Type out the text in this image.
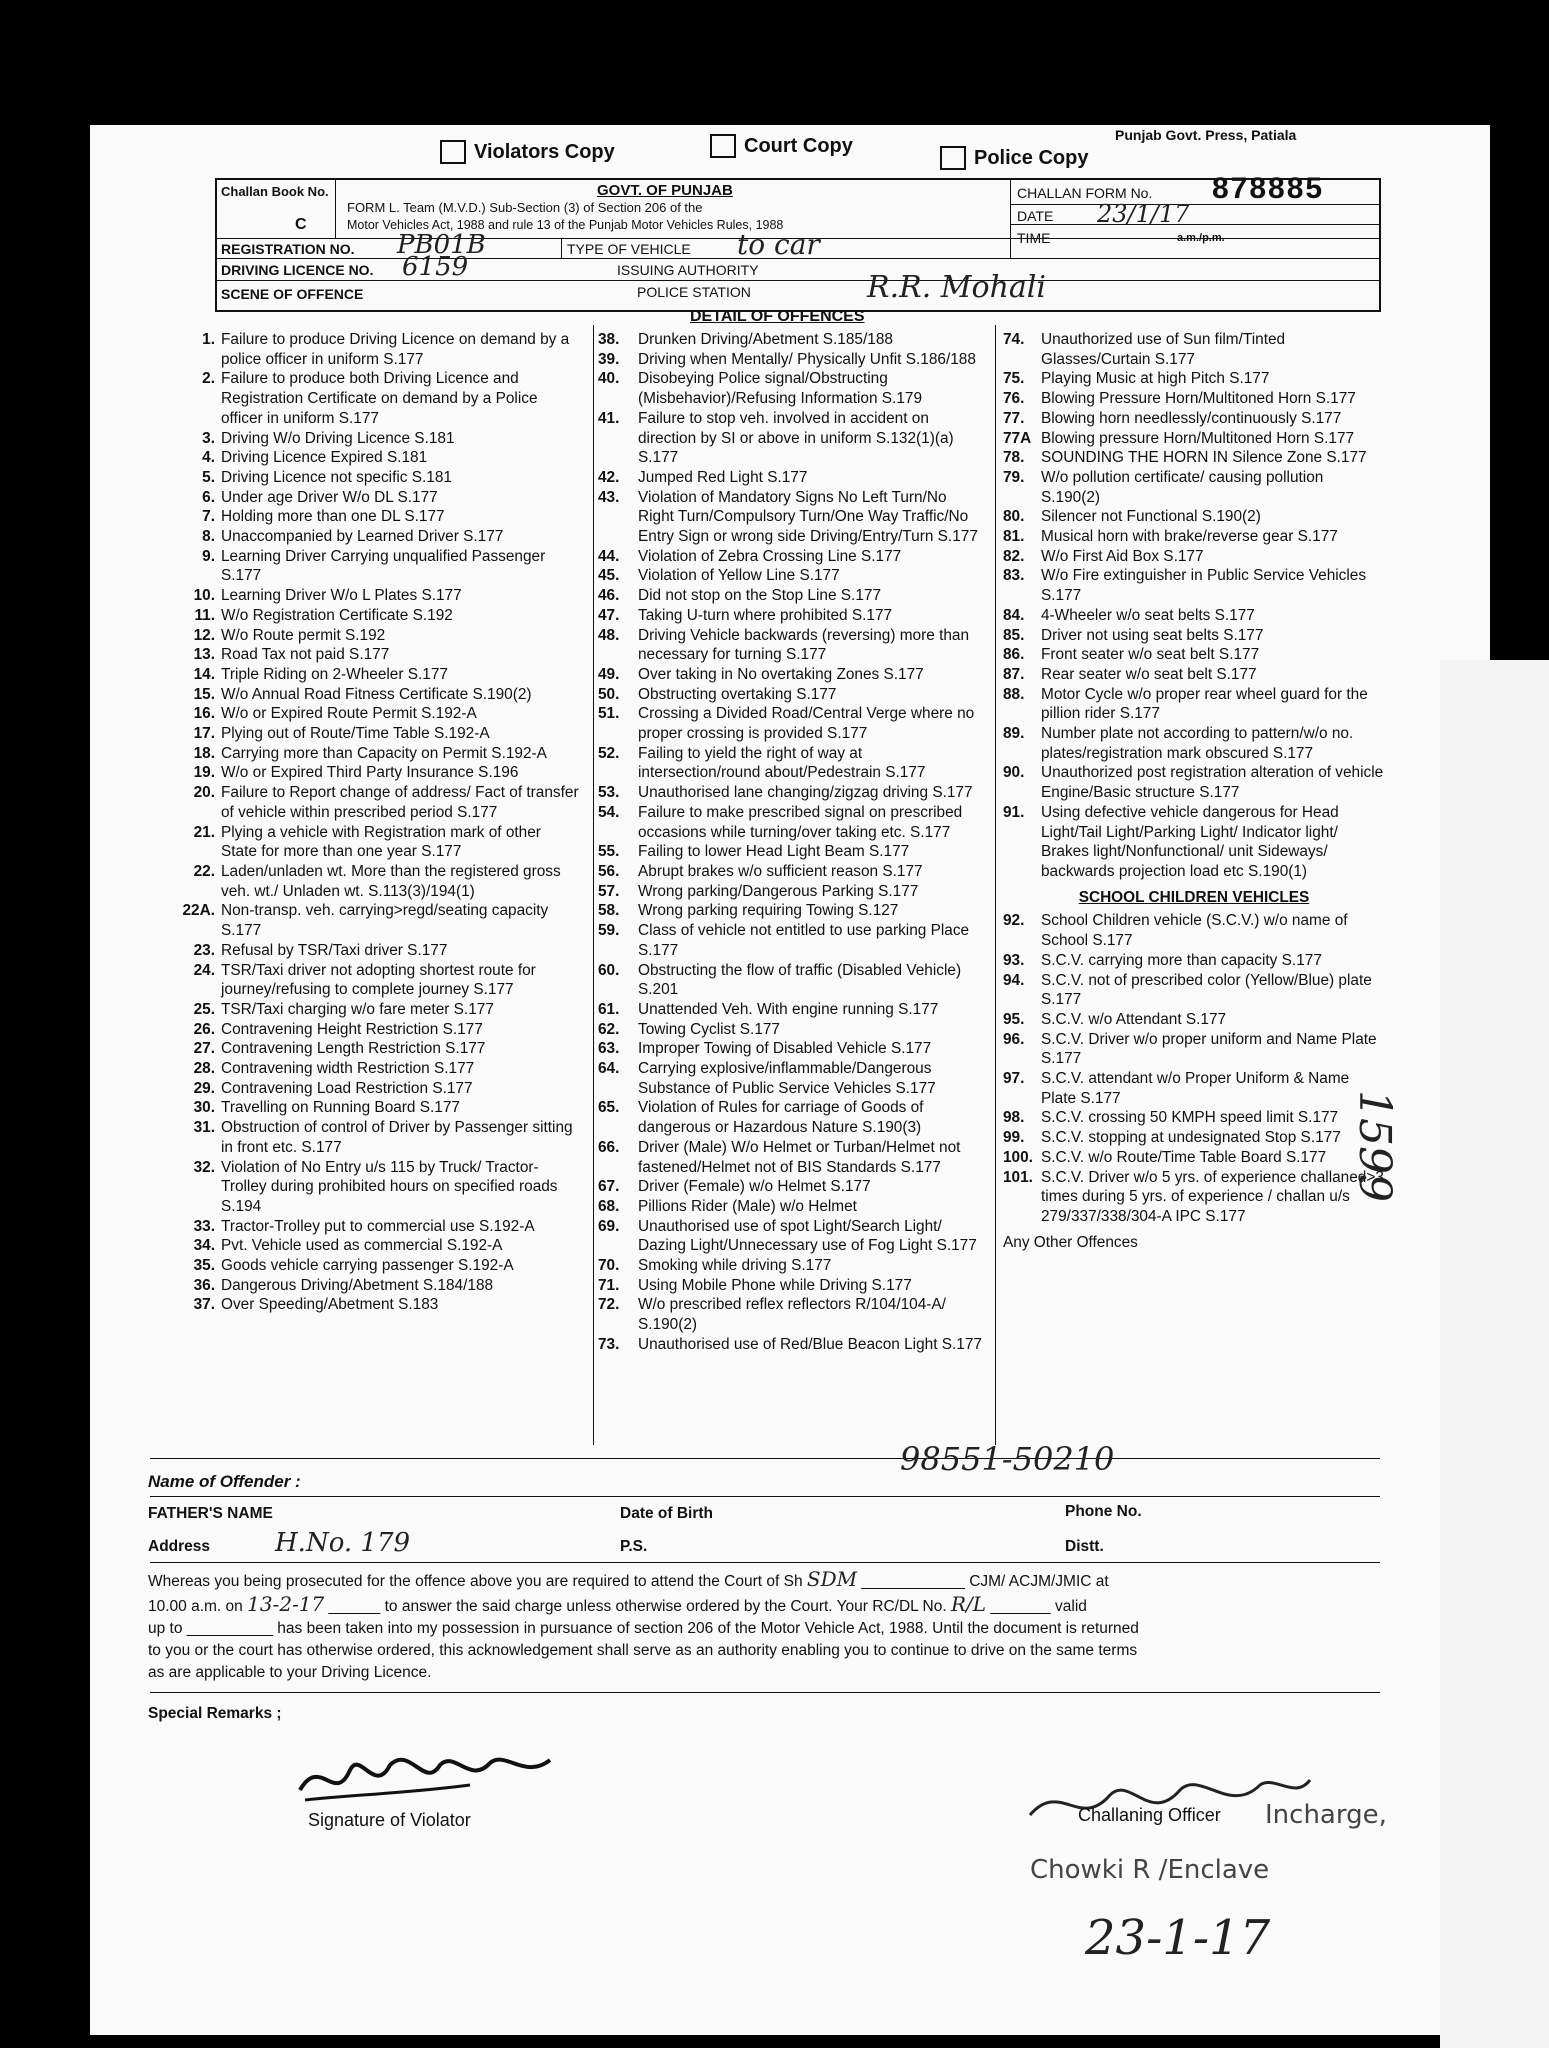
Punjab Govt. Press, Patiala
Violators Copy	Court Copy
Police Copy
Challan Book No.
C
GOVT. OF PUNJAB
FORM L. Team (M.V.D.) Sub-Section (3) of Section 206 of the
Motor Vehicles Act, 1988 and rule 13 of the Punjab Motor Vehicles Rules, 1988
CHALLAN FORM No. 878885
DATE 23/1/17
TIME	a.m./p.m.
REGISTRATION NO. PB01B	TYPE OF VEHICLE to car
DRIVING LICENCE NO. 6159	ISSUING AUTHORITY
SCENE OF OFFENCE	POLICE STATION	R.R. Mohali
DETAIL OF OFFENCES
1. Failure to produce Driving Licence on demand by a police officer in uniform S.177
2. Failure to produce both Driving Licence and Registration Certificate on demand by a Police officer in uniform S.177
3. Driving W/o Driving Licence S.181
4. Driving Licence Expired S.181
5. Driving Licence not specific S.181
6. Under age Driver W/o DL S.177
7. Holding more than one DL S.177
8. Unaccompanied by Learned Driver S.177
9. Learning Driver Carrying unqualified Passenger S.177
10. Learning Driver W/o L Plates S.177
11. W/o Registration Certificate S.192
12. W/o Route permit S.192
13. Road Tax not paid S.177
14. Triple Riding on 2-Wheeler S.177
15. W/o Annual Road Fitness Certificate S.190(2)
16. W/o or Expired Route Permit S.192-A
17. Plying out of Route/Time Table S.192-A
18. Carrying more than Capacity on Permit S.192-A
19. W/o or Expired Third Party Insurance S.196
20. Failure to Report change of address/ Fact of transfer of vehicle within prescribed period S.177
21. Plying a vehicle with Registration mark of other State for more than one year S.177
22. Laden/unladen wt. More than the registered gross veh. wt./ Unladen wt. S.113(3)/194(1)
22A. Non-transp. veh. carrying>regd/seating capacity S.177
23. Refusal by TSR/Taxi driver S.177
24. TSR/Taxi driver not adopting shortest route for journey/refusing to complete journey S.177
25. TSR/Taxi charging w/o fare meter S.177
26. Contravening Height Restriction S.177
27. Contravening Length Restriction S.177
28. Contravening width Restriction S.177
29. Contravening Load Restriction S.177
30. Travelling on Running Board S.177
31. Obstruction of control of Driver by Passenger sitting in front etc. S.177
32. Violation of No Entry u/s 115 by Truck/ Tractor-Trolley during prohibited hours on specified roads S.194
33. Tractor-Trolley put to commercial use S.192-A
34. Pvt. Vehicle used as commercial S.192-A
35. Goods vehicle carrying passenger S.192-A
36. Dangerous Driving/Abetment S.184/188
37. Over Speeding/Abetment S.183
38.	Drunken Driving/Abetment S.185/188
39.	Driving when Mentally/ Physically Unfit S.186/188
40.	Disobeying Police signal/Obstructing (Misbehavior)/Refusing Information S.179
41.	Failure to stop veh. involved in accident on direction by SI or above in uniform S.132(1)(a) S.177
42.	Jumped Red Light S.177
43.	Violation of Mandatory Signs No Left Turn/No Right Turn/Compulsory Turn/One Way Traffic/No Entry Sign or wrong side Driving/Entry/Turn S.177
44.	Violation of Zebra Crossing Line S.177
45.	Violation of Yellow Line S.177
46.	Did not stop on the Stop Line S.177
47.	Taking U-turn where prohibited S.177
48.	Driving Vehicle backwards (reversing) more than necessary for turning S.177
49.	Over taking in No overtaking Zones S.177
50.	Obstructing overtaking S.177
51.	Crossing a Divided Road/Central Verge where no proper crossing is provided S.177
52.	Failing to yield the right of way at intersection/round about/Pedestrain S.177
53.	Unauthorised lane changing/zigzag driving S.177
54.	Failure to make prescribed signal on prescribed occasions while turning/over taking etc. S.177
55.	Failing to lower Head Light Beam S.177
56.	Abrupt brakes w/o sufficient reason S.177
57.	Wrong parking/Dangerous Parking S.177
58.	Wrong parking requiring Towing S.127
59.	Class of vehicle not entitled to use parking Place S.177
60.	Obstructing the flow of traffic (Disabled Vehicle) S.201
61.	Unattended Veh. With engine running S.177
62.	Towing Cyclist S.177
63.	Improper Towing of Disabled Vehicle S.177
64.	Carrying explosive/inflammable/Dangerous Substance of Public Service Vehicles S.177
65.	Violation of Rules for carriage of Goods of dangerous or Hazardous Nature S.190(3)
66.	Driver (Male) W/o Helmet or Turban/Helmet not fastened/Helmet not of BIS Standards S.177
67.	Driver (Female) w/o Helmet S.177
68.	Pillions Rider (Male) w/o Helmet
69.	Unauthorised use of spot Light/Search Light/ Dazing Light/Unnecessary use of Fog Light S.177
70.	Smoking while driving S.177
71.	Using Mobile Phone while Driving S.177
72.	W/o prescribed reflex reflectors R/104/104-A/ S.190(2)
73.	Unauthorised use of Red/Blue Beacon Light S.177
74.	Unauthorized use of Sun film/Tinted Glasses/Curtain S.177
75.	Playing Music at high Pitch S.177
76.	Blowing Pressure Horn/Multitoned Horn S.177
77.	Blowing horn needlessly/continuously S.177
77A Blowing pressure Horn/Multitoned Horn S.177
78.	SOUNDING THE HORN IN Silence Zone S.177
79.	W/o pollution certificate/ causing pollution S.190(2)
80.	Silencer not Functional S.190(2)
81.	Musical horn with brake/reverse gear S.177
82.	W/o First Aid Box S.177
83.	W/o Fire extinguisher in Public Service Vehicles S.177
84.	4-Wheeler w/o seat belts S.177
85.	Driver not using seat belts S.177
86.	Front seater w/o seat belt S.177
87.	Rear seater w/o seat belt S.177
88.	Motor Cycle w/o proper rear wheel guard for the pillion rider S.177
89.	Number plate not according to pattern/w/o no. plates/registration mark obscured S.177
90.	Unauthorized post registration alteration of vehicle Engine/Basic structure S.177
91.	Using defective vehicle dangerous for Head Light/Tail Light/Parking Light/ Indicator light/ Brakes light/Nonfunctional/ unit Sideways/ backwards projection load etc S.190(1)
SCHOOL CHILDREN VEHICLES
92.	School Children vehicle (S.C.V.) w/o name of School S.177
93.	S.C.V. carrying more than capacity S.177
94.	S.C.V. not of prescribed color (Yellow/Blue) plate S.177
95.	S.C.V. w/o Attendant S.177
96.	S.C.V. Driver w/o proper uniform and Name Plate S.177
97.	S.C.V. attendant w/o Proper Uniform & Name Plate S.177
98.	S.C.V. crossing 50 KMPH speed limit S.177
99.	S.C.V. stopping at undesignated Stop S.177
100. S.C.V. w/o Route/Time Table Board S.177
101. S.C.V. Driver w/o 5 yrs. of experience challaned>3 times during 5 yrs. of experience / challan u/s 279/337/338/304-A IPC S.177
Any Other Offences
Name of Offender :
98551-50210
FATHER'S NAME	Date of Birth	Phone No.
Address	H.No. 179	P.S.	Distt.
Whereas you being prosecuted for the offence above you are required to attend the Court of Sh SDM ____________ CJM/ ACJM/JMIC at
10.00 a.m. on 13-2-17 ______ to answer the said charge unless otherwise ordered by the Court. Your RC/DL No. R/L _______ valid
up to __________ has been taken into my possession in pursuance of section 206 of the Motor Vehicle Act, 1988. Until the document is returned
to you or the court has otherwise ordered, this acknowledgement shall serve as an authority enabling you to continue to drive on the same terms
as are applicable to your Driving Licence.
Special Remarks ;
Signature of Violator	Challaning Officer Incharge,
Chowki R /Enclave
23-1-17
1599
